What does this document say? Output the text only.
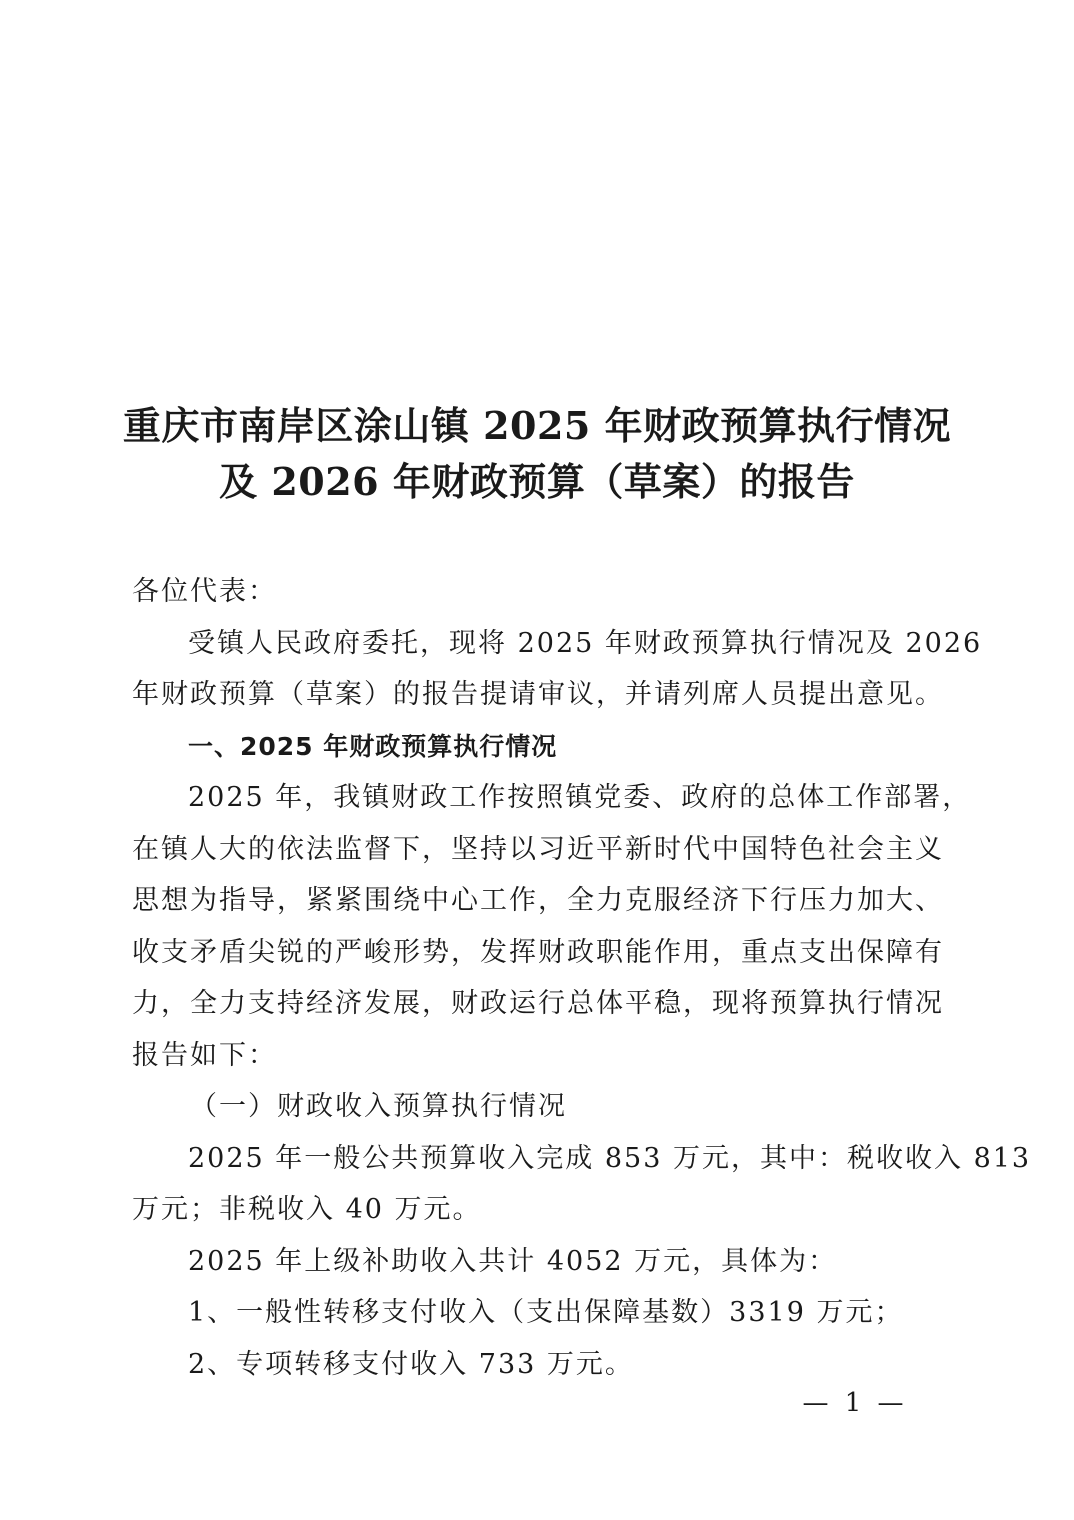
重庆市南岸区涂山镇 2025 年财政预算执行情况
及 2026 年财政预算（草案）的报告
各位代表：
受镇人民政府委托，现将 2025 年财政预算执行情况及 2026
年财政预算（草案）的报告提请审议，并请列席人员提出意见。
一、2025 年财政预算执行情况
2025 年，我镇财政工作按照镇党委、政府的总体工作部署，
在镇人大的依法监督下，坚持以习近平新时代中国特色社会主义
思想为指导，紧紧围绕中心工作，全力克服经济下行压力加大、
收支矛盾尖锐的严峻形势，发挥财政职能作用，重点支出保障有
力，全力支持经济发展，财政运行总体平稳，现将预算执行情况
报告如下：
（一）财政收入预算执行情况
2025 年一般公共预算收入完成 853 万元，其中：税收收入 813
万元；非税收入 40 万元。
2025 年上级补助收入共计 4052 万元，具体为：
1、一般性转移支付收入（支出保障基数）3319 万元；
2、专项转移支付收入 733 万元。
— 1 —
